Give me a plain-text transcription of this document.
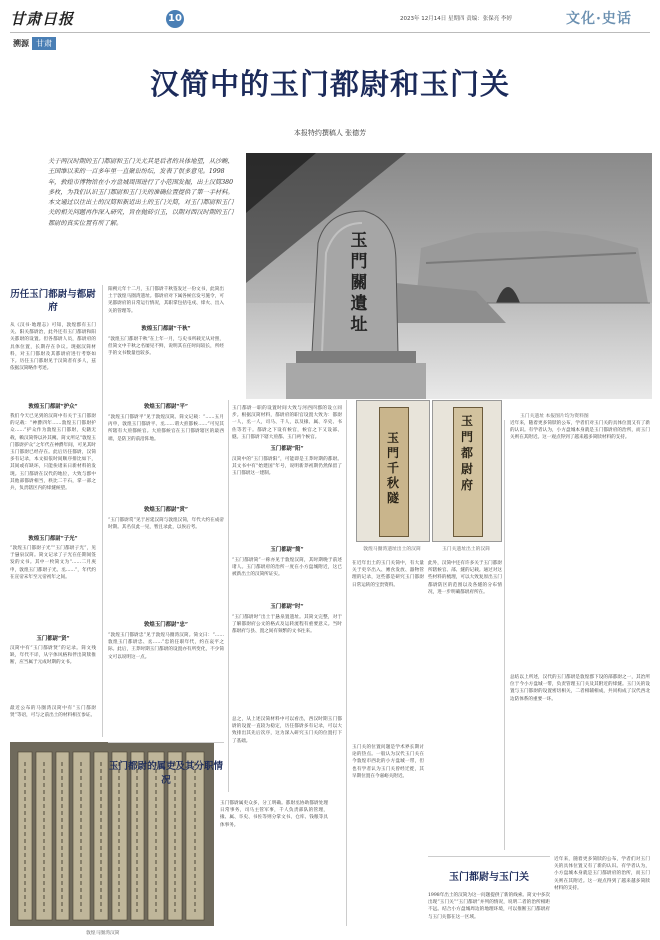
甘肃日报	10	2023年 12月14日 星期四 责编：张保亮 李婷	文化·史话
溯源 甘肃
汉简中的玉门都尉和玉门关
本报特约撰稿人 张德芳
关于两汉时期的玉门都尉和玉门关尤其是后者的具体地望，从沙畹、王国维以来的一百多年里一直聚讼纷纭，发表了很多意见。1998年，敦煌市博物馆在小方盘城周围进行了小范围发掘，出土汉简380多枚，为我们认识玉门都尉和玉门关的准确位置提供了第一手材料。本文通过以往出土的汉简和新近出土的玉门关简，对玉门都尉和玉门关的相关问题再作深入研究，旨在抛砖引玉，以期对西汉时期的玉门都尉的真实位置有所了解。
玉門關遺址
玉门关遗址 本报图片均为资料图
历任玉门都尉与都尉府
从《汉书·地理志》可知，敦煌郡有玉门关、阳关都尉治，此外还有玉门都尉和阳关都尉的设置。但各都尉人员，都尉府的具体位置，长期存在争议。现据汉简材料，对玉门都尉及其都尉府进行考察如下。历任玉门都尉见于汉简者有多人，兹依据汉简略作考述。
敦煌玉门都尉“护众”
我们今天已见到的汉简中有关于玉门都尉的记载：“神爵四年……敦煌玉门都尉护众……”护众作为敦煌玉门都尉，史籍无载，赖汉简得以补其阙。简文所记“敦煌玉门都尉护众”之年代在神爵年间，可见其时玉门都尉已经存在。此后历任都尉，汉简多有记录，本文拟依时间顺序排比如下，其间或有缺环，只能俟诸来日新材料的发现。玉门都尉在汉代的地位，大致与郡中其他部都尉相当，秩比二千石，掌一部之兵，负责辖区内的烽燧候望。
敦煌玉门都尉“子光”
“敦煌玉门都尉子光”“玉门都尉子光”，见于悬泉汉简。简文记录了子光在任期间签发的文书。其中一枚简文为“……二月庚申，敦煌玉门都尉子光、丞……”，年代约在宣帝末年至元帝初年之间。
玉门都尉“贤”
汉简中有“玉门都尉贤”的记录。简文残缺，年代不详，从字体风格和伴出简牍推断，应当属于元成时期的文书。
最近公布的马圈湾汉简中有“玉门都尉贤”等语，可与之前出土的材料相互参证。
敦煌马圈湾汉简
阳朔元年十二月，玉门都尉千秋签发过一份文书，此简出土于敦煌马圈湾遗址。都尉府对下属各候官发号施令，可见都尉府的日常运行情况，其职掌包括屯戍、烽火、出入关的管理等。
敦煌玉门都尉“千秋”
“敦煌玉门都尉千秋”在上年一月，与史书所载无从对照，但简文中千秋之名屡见不鲜，说明其在任时间较长，所经手的文书数量也较多。
敦煌玉门都尉“平”
“敦煌玉门都尉平”见于敦煌汉简。简文记载：“……五月丙申，敦煌玉门都尉平、丞……谓大煎都候……”可见其所辖有大煎都候官。大煎都候官在玉门都尉辖区的最西端，是防卫的前沿阵地。
敦煌玉门都尉“赏”
“玉门都尉赏”见于居延汉简与敦煌汉简，年代大约在成帝时期。其名仅此一见，暂且录此，以俟后考。
敦煌玉门都尉“忠”
“敦煌玉门都尉忠”见于敦煌马圈湾汉简。简文曰：“……敦煌玉门都尉忠、丞……”忠的任职年代，约在哀平之际。此后，王莽时期玉门都尉的设置亦有所变化，不少简文可以说明这一点。
玉门都尉的属吏及其分职情况
玉门都尉属吏众多，分工明确。都尉丞协助都尉处理日常事务，司马主管军事，千人负责部队的管理，掾、属、卒史、书佐等则分掌文书、仓库、钱粮等具体事务。
玉门都尉一职的设置时间大致与河西四郡的设立同步。根据汉简材料，都尉府的职官设置大致为：都尉一人，丞一人，司马、千人，以及掾、属、卒史、书佐等若干。都尉之下设有候官，候官之下又设部、燧。玉门都尉下辖大煎都、玉门两个候官。
玉门都尉“阳”
汉简中的“玉门都尉阳”，可能即是王莽时期的都尉。其文书中有“始建国”年号，说明新莽初期仍然保留了玉门都尉这一建制。
玉门都尉“简”
“玉门都尉简”一称亦见于敦煌汉简，其时期晚于前述诸人。玉门都尉府的治所一度在小方盘城附近，这已被新出土的汉简所证实。
玉门都尉“时”
“玉门都尉时”出土于悬泉置遗址。其简文完整，对于了解都尉府公文的格式及运转流程有重要意义。当时都尉府与县、置之间有频繁的文书往来。
总之，从上述汉简材料中可以看出，西汉时期玉门都尉的设置一直较为稳定，历任都尉多有记录，可以大致排出其先后次序，这为深入研究玉门关的位置打下了基础。
玉門千秋隧
玉門都尉府
敦煌马圈湾遗址出土的汉简	玉门关遗址出土的汉简
在近年出土的玉门关简中，有大量关于吏卒出入、廪食发放、器物管理的记录，这些都是研究玉门都尉日常运转的宝贵资料。
此外，汉简中还有许多关于玉门都尉所辖候官、部、燧的记载。通过对这些材料的梳理，可以大致复原出玉门都尉防区的范围以及各燧的分布情况，进一步明确都尉府所在。
玉门关的位置问题是学术界长期讨论的热点。一般认为汉代玉门关在今敦煌市西北的小方盘城一带，但也有学者认为玉门关曾经迁徙，其早期位置在今嘉峪关附近。
玉门都尉与玉门关
1998年出土的汉简为这一问题提供了新的线索。简文中多次出现“玉门关”“玉门都尉”并列的情况，说明二者的治所相距不远。结合小方盘城周边的地理环境，可以推断玉门都尉府与玉门关都在这一区域。
近年来，随着更多简牍的公布，学者们对玉门关的具体位置又有了新的认识。有学者认为，小方盘城本身就是玉门都尉府的治所，而玉门关则在其附近。这一观点得到了越来越多简牍材料的支持。
总结以上所述，汉代的玉门都尉是敦煌郡下设的部都尉之一，其治所位于今小方盘城一带，负责管理玉门关及其附近的烽燧。玉门关的设置与玉门都尉的设置密切相关，二者相辅相成，共同构成了汉代西北边防体系的重要一环。
近年来，随着更多简牍的公布，学者们对玉门关的具体位置又有了新的认识。有学者认为，小方盘城本身就是玉门都尉府的治所，而玉门关则在其附近。这一观点得到了越来越多简牍材料的支持。
